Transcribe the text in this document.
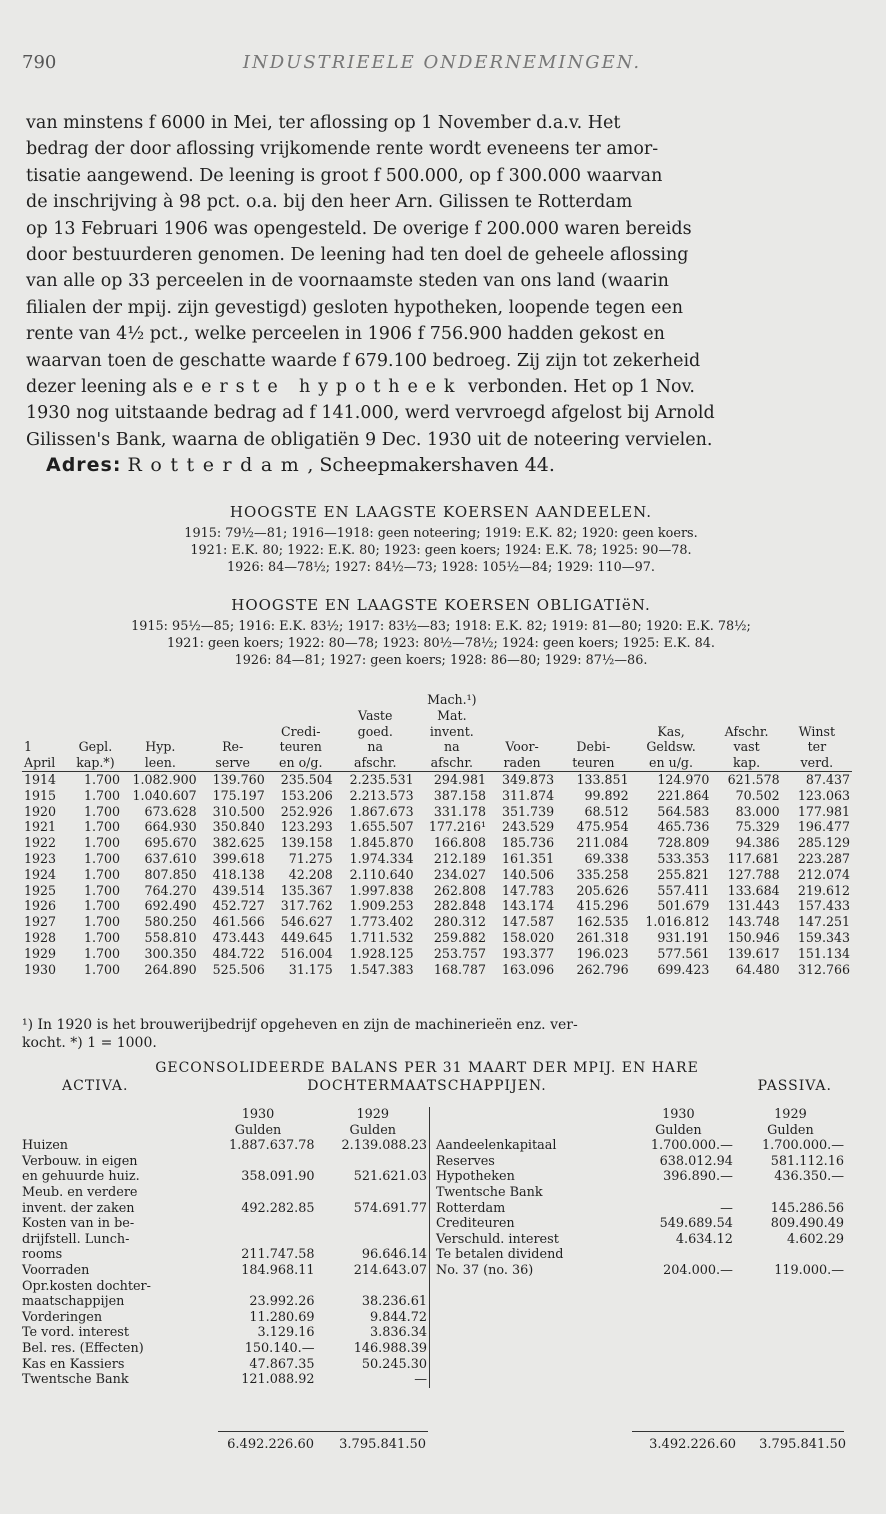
790	INDUSTRIEELE ONDERNEMINGEN.
van minstens f 6000 in Mei, ter aflossing op 1 November d.a.v. Het
bedrag der door aflossing vrijkomende rente wordt eveneens ter amor-
tisatie aangewend. De leening is groot f 500.000, op f 300.000 waarvan
de inschrijving à 98 pct. o.a. bij den heer Arn. Gilissen te Rotterdam
op 13 Februari 1906 was opengesteld. De overige f 200.000 waren bereids
door bestuurderen genomen. De leening had ten doel de geheele aflossing
van alle op 33 perceelen in de voornaamste steden van ons land (waarin
filialen der mpij. zijn gevestigd) gesloten hypotheken, loopende tegen een
rente van 4½ pct., welke perceelen in 1906 f 756.900 hadden gekost en
waarvan toen de geschatte waarde f 679.100 bedroeg. Zij zijn tot zekerheid
dezer leening als eerste hypotheek verbonden. Het op 1 Nov.
1930 nog uitstaande bedrag ad f 141.000, werd vervroegd afgelost bij Arnold
Gilissen's Bank, waarna de obligatiën 9 Dec. 1930 uit de noteering vervielen.
Adres: Rotterdam, Scheepmakershaven 44.
HOOGSTE EN LAAGSTE KOERSEN AANDEELEN.
1915: 79½—81; 1916—1918: geen noteering; 1919: E.K. 82; 1920: geen koers.
1921: E.K. 80; 1922: E.K. 80; 1923: geen koers; 1924: E.K. 78; 1925: 90—78.
1926: 84—78½; 1927: 84½—73; 1928: 105½—84; 1929: 110—97.
HOOGSTE EN LAAGSTE KOERSEN OBLIGATIëN.
1915: 95½—85; 1916: E.K. 83½; 1917: 83½—83; 1918: E.K. 82; 1919: 81—80; 1920: E.K. 78½;
1921: geen koers; 1922: 80—78; 1923: 80½—78½; 1924: geen koers; 1925: E.K. 84.
1926: 84—81; 1927: geen koers; 1928: 86—80; 1929: 87½—86.
						Mach.¹)					
					Vaste	Mat.					
				Credi-	goed.	invent.			Kas,	Afschr.	Winst
1	Gepl.	Hyp.	Re-	teuren	na	na	Voor-	Debi-	Geldsw.	vast	ter
April	kap.*)	leen.	serve	en o/g.	afschr.	afschr.	raden	teuren	en u/g.	kap.	verd.
1914	1.700	1.082.900	139.760	235.504	2.235.531	294.981	349.873	133.851	124.970	621.578	87.437
1915	1.700	1.040.607	175.197	153.206	2.213.573	387.158	311.874	99.892	221.864	70.502	123.063
1920	1.700	673.628	310.500	252.926	1.867.673	331.178	351.739	68.512	564.583	83.000	177.981
1921	1.700	664.930	350.840	123.293	1.655.507	177.216¹	243.529	475.954	465.736	75.329	196.477
1922	1.700	695.670	382.625	139.158	1.845.870	166.808	185.736	211.084	728.809	94.386	285.129
1923	1.700	637.610	399.618	71.275	1.974.334	212.189	161.351	69.338	533.353	117.681	223.287
1924	1.700	807.850	418.138	42.208	2.110.640	234.027	140.506	335.258	255.821	127.788	212.074
1925	1.700	764.270	439.514	135.367	1.997.838	262.808	147.783	205.626	557.411	133.684	219.612
1926	1.700	692.490	452.727	317.762	1.909.253	282.848	143.174	415.296	501.679	131.443	157.433
1927	1.700	580.250	461.566	546.627	1.773.402	280.312	147.587	162.535	1.016.812	143.748	147.251
1928	1.700	558.810	473.443	449.645	1.711.532	259.882	158.020	261.318	931.191	150.946	159.343
1929	1.700	300.350	484.722	516.004	1.928.125	253.757	193.377	196.023	577.561	139.617	151.134
1930	1.700	264.890	525.506	31.175	1.547.383	168.787	163.096	262.796	699.423	64.480	312.766
¹) In 1920 is het brouwerijbedrijf opgeheven en zijn de machinerieën enz. ver-
kocht. *) 1 = 1000.
GECONSOLIDEERDE BALANS PER 31 MAART DER MPIJ. EN HARE
ACTIVA.	DOCHTERMAATSCHAPPIJEN.	PASSIVA.
	1930	1929
	Gulden	Gulden
Huizen	1.887.637.78	2.139.088.23
Verbouw. in eigen		
en gehuurde huiz.	358.091.90	521.621.03
Meub. en verdere		
invent. der zaken	492.282.85	574.691.77
Kosten van in be-		
drijfstell. Lunch-		
rooms	211.747.58	96.646.14
Voorraden	184.968.11	214.643.07
Opr.kosten dochter-		
maatschappijen	23.992.26	38.236.61
Vorderingen	11.280.69	9.844.72
Te vord. interest	3.129.16	3.836.34
Bel. res. (Effecten)	150.140.—	146.988.39
Kas en Kassiers	47.867.35	50.245.30
Twentsche Bank	121.088.92	—
	1930	1929
	Gulden	Gulden
Aandeelenkapitaal	1.700.000.—	1.700.000.—
Reserves	638.012.94	581.112.16
Hypotheken	396.890.—	436.350.—
Twentsche Bank		
Rotterdam	—	145.286.56
Crediteuren	549.689.54	809.490.49
Verschuld. interest	4.634.12	4.602.29
Te betalen dividend		
No. 37 (no. 36)	204.000.—	119.000.—
6.492.226.60	3.795.841.50	3.492.226.60	3.795.841.50
